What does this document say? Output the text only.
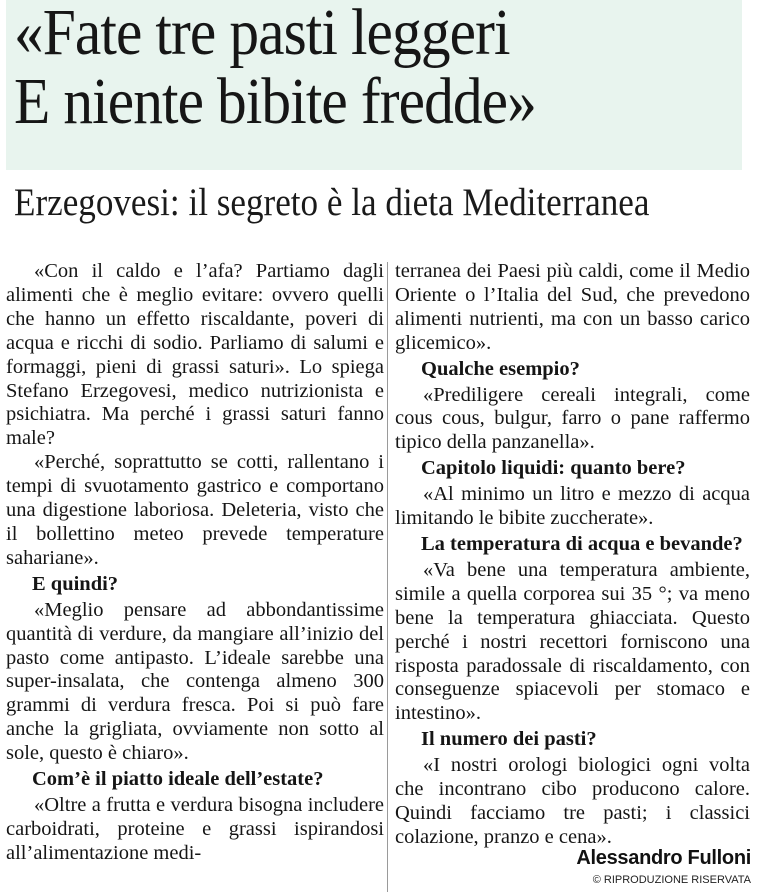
«Fate tre pasti leggeri
E niente bibite fredde»
Erzegovesi: il segreto è la dieta Mediterranea

«Con il caldo e l’afa? Partiamo dagli alimenti che è meglio evitare: ovvero quelli che hanno un effetto riscaldante, poveri di acqua e ricchi di sodio. Parliamo di salumi e formaggi, pieni di grassi saturi». Lo spiega Stefano Erzegovesi, medico nutrizionista e psichiatra. Ma perché i grassi saturi fanno male?

«Perché, soprattutto se cotti, rallentano i tempi di svuotamento gastrico e comportano una digestione laboriosa. Deleteria, visto che il bollettino meteo prevede temperature sahariane».

E quindi?

«Meglio pensare ad abbondantissime quantità di verdure, da mangiare all’inizio del pasto come antipasto. L’ideale sarebbe una super-insalata, che contenga almeno 300 grammi di verdura fresca. Poi si può fare anche la grigliata, ovviamente non sotto al sole, questo è chiaro».

Com’è il piatto ideale dell’estate?

«Oltre a frutta e verdura bisogna includere carboidrati, proteine e grassi ispirandosi all’alimentazione medi-

terranea dei Paesi più caldi, come il Medio Oriente o l’Italia del Sud, che prevedono alimenti nutrienti, ma con un basso carico glicemico».

Qualche esempio?

«Prediligere cereali integrali, come cous cous, bulgur, farro o pane raffermo tipico della panzanella».

Capitolo liquidi: quanto bere?

«Al minimo un litro e mezzo di acqua limitando le bibite zuccherate».

La temperatura di acqua e bevande?

«Va bene una temperatura ambiente, simile a quella corporea sui 35 °; va meno bene la temperatura ghiacciata. Questo perché i nostri recettori forniscono una risposta paradossale di riscaldamento, con conseguenze spiacevoli per stomaco e intestino».

Il numero dei pasti?

«I nostri orologi biologici ogni volta che incontrano cibo producono calore. Quindi facciamo tre pasti; i classici colazione, pranzo e cena».

Alessandro Fulloni
© RIPRODUZIONE RISERVATA
